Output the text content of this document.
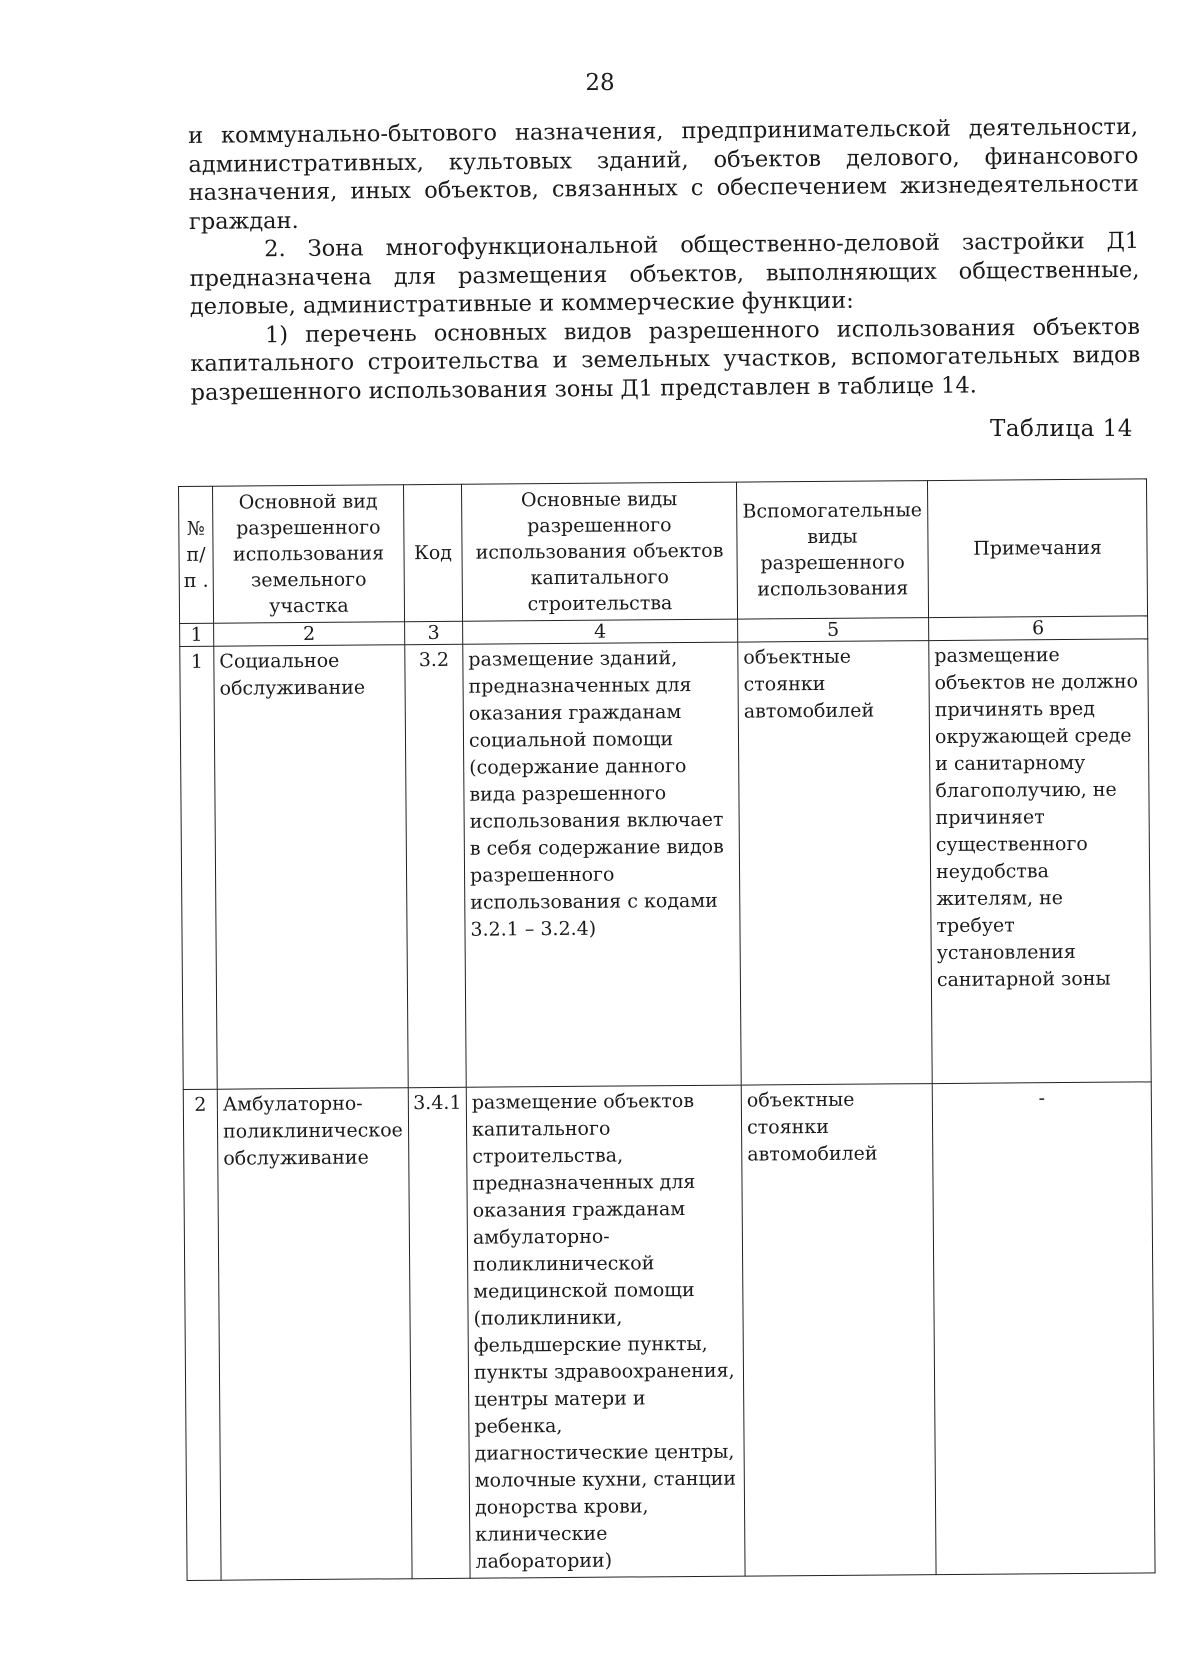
28

и коммунально-бытового назначения, предпринимательской деятельности, административных, культовых зданий, объектов делового, финансового назначения, иных объектов, связанных с обеспечением жизнедеятельности граждан.

2. Зона многофункциональной общественно-деловой застройки Д1 предназначена для размещения объектов, выполняющих общественные, деловые, административные и коммерческие функции:

1) перечень основных видов разрешенного использования объектов капитального строительства и земельных участков, вспомогательных видов разрешенного использования зоны Д1 представлен в таблице 14.

Таблица 14
№ п/п .	Основной вид разрешенного использования земельного участка	Код	Основные виды разрешенного использования объектов капитального строительства	Вспомогательные виды разрешенного использования	Примечания
1	2	3	4	5	6
1	Социальное обслуживание	3.2	размещение зданий, предназначенных для оказания гражданам социальной помощи (содержание данного вида разрешенного использования включает в себя содержание видов разрешенного использования с кодами 3.2.1 – 3.2.4)	объектные стоянки автомобилей	размещение объектов не должно причинять вред окружающей среде и санитарному благополучию, не причиняет существенного неудобства жителям, не требует установления санитарной зоны
2	Амбулаторно-поликлиническое обслуживание	3.4.1	размещение объектов капитального строительства, предназначенных для оказания гражданам амбулаторно-поликлинической медицинской помощи (поликлиники, фельдшерские пункты, пункты здравоохранения, центры матери и ребенка, диагностические центры, молочные кухни, станции донорства крови, клинические лаборатории)	объектные стоянки автомобилей	-
